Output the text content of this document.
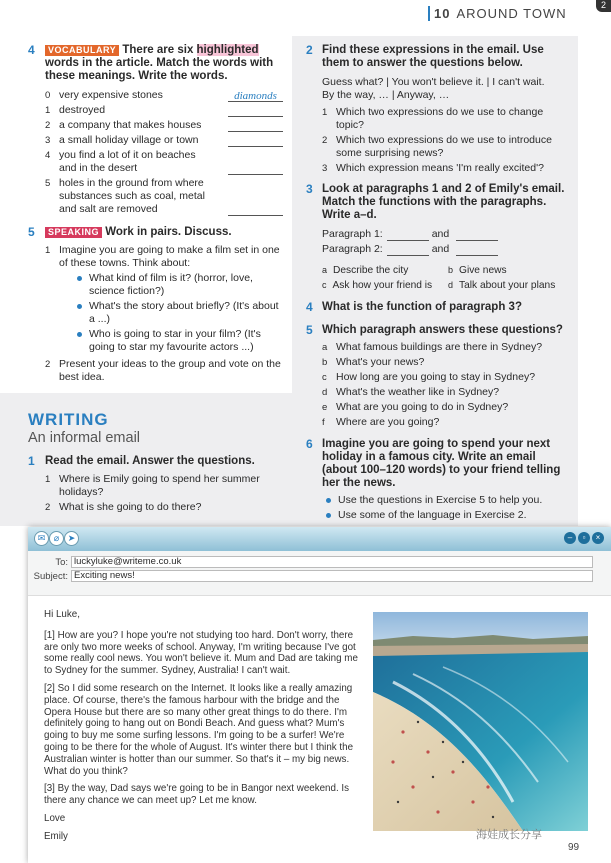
2
10 AROUND TOWN
2 Find these expressions in the email. Use them to answer the questions below.
Guess what? | You won't believe it. | I can't wait.
By the way, … | Anyway, …
1 Which two expressions do we use to change topic?
2 Which two expressions do we use to introduce some surprising news?
3 Which expression means 'I'm really excited'?
3 Look at paragraphs 1 and 2 of Emily's email. Match the functions with the paragraphs. Write a–d.
Paragraph 1:	and
Paragraph 2:	and
a Describe the city	b Give news
c Ask how your friend is	d Talk about your plans
4 What is the function of paragraph 3?
5 Which paragraph answers these questions?
a What famous buildings are there in Sydney?
b What's your news?
c How long are you going to stay in Sydney?
d What's the weather like in Sydney?
e What are you going to do in Sydney?
f	Where are you going?
6 Imagine you are going to spend your next holiday in a famous city. Write an email (about 100–120 words) to your friend telling her the news.
Use the questions in Exercise 5 to help you.
Use some of the language in Exercise 2.
4	VOCABULARY There are six highlighted words in the article. Match the words with these meanings. Write the words.
0 very expensive stones	diamonds
1 destroyed
2 a company that makes houses
3 a small holiday village or town
4 you find a lot of it on beaches and in the desert
5 holes in the ground from where substances such as coal, metal and salt are removed
5	SPEAKING Work in pairs. Discuss.
1 Imagine you are going to make a film set in one of these towns. Think about:
What kind of film is it? (horror, love, science fiction?)
What's the story about briefly? (It's about a ...)
Who is going to star in your film? (It's going to star my favourite actors ...)
2 Present your ideas to the group and vote on the best idea.
WRITING
An informal email
1 Read the email. Answer the questions.
1 Where is Emily going to spend her summer holidays?
2 What is she going to do there?
✉ ⌀ ➤	–	▫	×
To: luckyluke@writeme.co.uk
Subject: Exciting news!

Hi Luke,

[1] How are you? I hope you're not studying too hard. Don't worry, there are only two more weeks of school. Anyway, I'm writing because I've got some really cool news. You won't believe it. Mum and Dad are taking me to Sydney for the summer. Sydney, Australia! I can't wait.

[2] So I did some research on the Internet. It looks like a really amazing place. Of course, there's the famous harbour with the bridge and the Opera House but there are so many other great things to do there. I'm definitely going to hang out on Bondi Beach. And guess what? Mum's going to buy me some surfing lessons. I'm going to be a surfer! We're going to be there for the whole of August. It's winter there but I think the Australian winter is hotter than our summer. So that's it – my big news. What do you think?

[3] By the way, Dad says we're going to be in Bangor next weekend. Is there any chance we can meet up? Let me know.

Love

Emily	海娃成长分享
99
